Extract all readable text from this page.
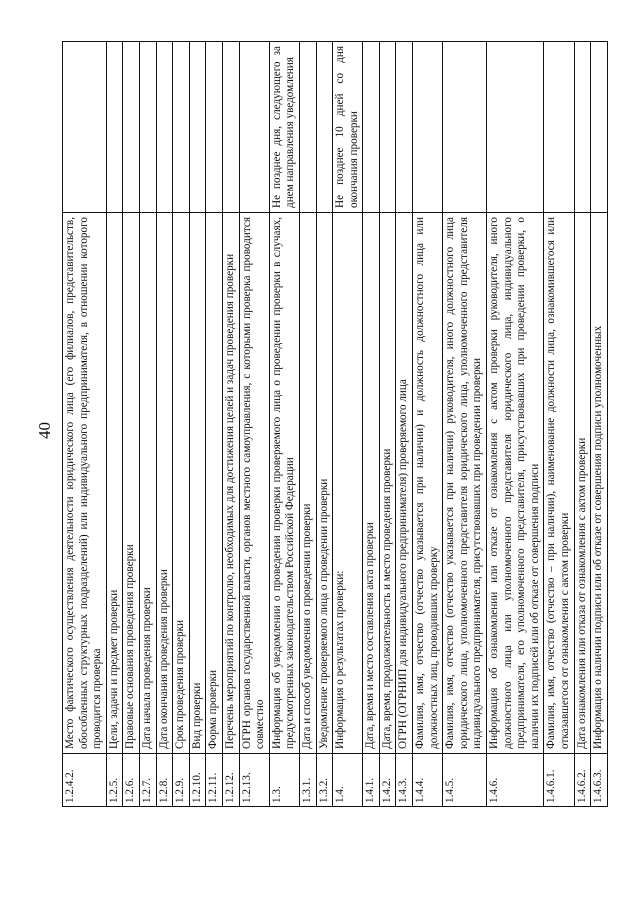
40
1.2.4.2.
Место фактического осуществления деятельности юридического лица (его филиалов, представительств, обособленных структурных подразделений) или индивидуального предпринимателя, в отношении которого проводится проверка
1.2.5.
Цели, задачи и предмет проверки
1.2.6.
Правовые основания проведения проверки
1.2.7.
Дата начала проведения проверки
1.2.8.
Дата окончания проведения проверки
1.2.9.
Срок проведения проверки
1.2.10.
Вид проверки
1.2.11.
Форма проверки
1.2.12.
Перечень мероприятий по контролю, необходимых для достижения целей и задач проведения проверки
1.2.13.
ОГРН органов государственной власти, органов местного самоуправления, с которыми проверка проводится совместно
1.3.
Информация об уведомлении о проведении проверки проверяемого лица о проведении проверки в случаях, предусмотренных законодательством Российской Федерации
Не позднее дня, следующего за днем направления уведомления
1.3.1.
Дата и способ уведомления о проведении проверки
1.3.2.
Уведомление проверяемого лица о проведении проверки
1.4.
Информация о результатах проверки:
Не позднее 10 дней со дня окончания проверки
1.4.1.
Дата, время и место составления акта проверки
1.4.2.
Дата, время, продолжительность и место проведения проверки
1.4.3.
ОГРН (ОГРНИП для индивидуального предпринимателя) проверяемого лица
1.4.4.
Фамилия, имя, отчество (отчество указывается при наличии) и должность должностного лица или должностных лиц, проводивших проверку
1.4.5.
Фамилия, имя, отчество (отчество указывается при наличии) руководителя, иного должностного лица юридического лица, уполномоченного представителя юридического лица, уполномоченного представителя индивидуального предпринимателя, присутствовавших при проведении проверки
1.4.6.
Информация об ознакомлении или отказе от ознакомления с актом проверки руководителя, иного должностного лица или уполномоченного представителя юридического лица, индивидуального предпринимателя, его уполномоченного представителя, присутствовавших при проведении проверки, о наличии их подписей или об отказе от совершения подписи
1.4.6.1.
Фамилия, имя, отчество (отчество – при наличии), наименование должности лица, ознакомившегося или отказавшегося от ознакомления с актом проверки
1.4.6.2.
Дата ознакомления или отказа от ознакомления с актом проверки
1.4.6.3.
Информация о наличии подписи или об отказе от совершения подписи уполномоченных
